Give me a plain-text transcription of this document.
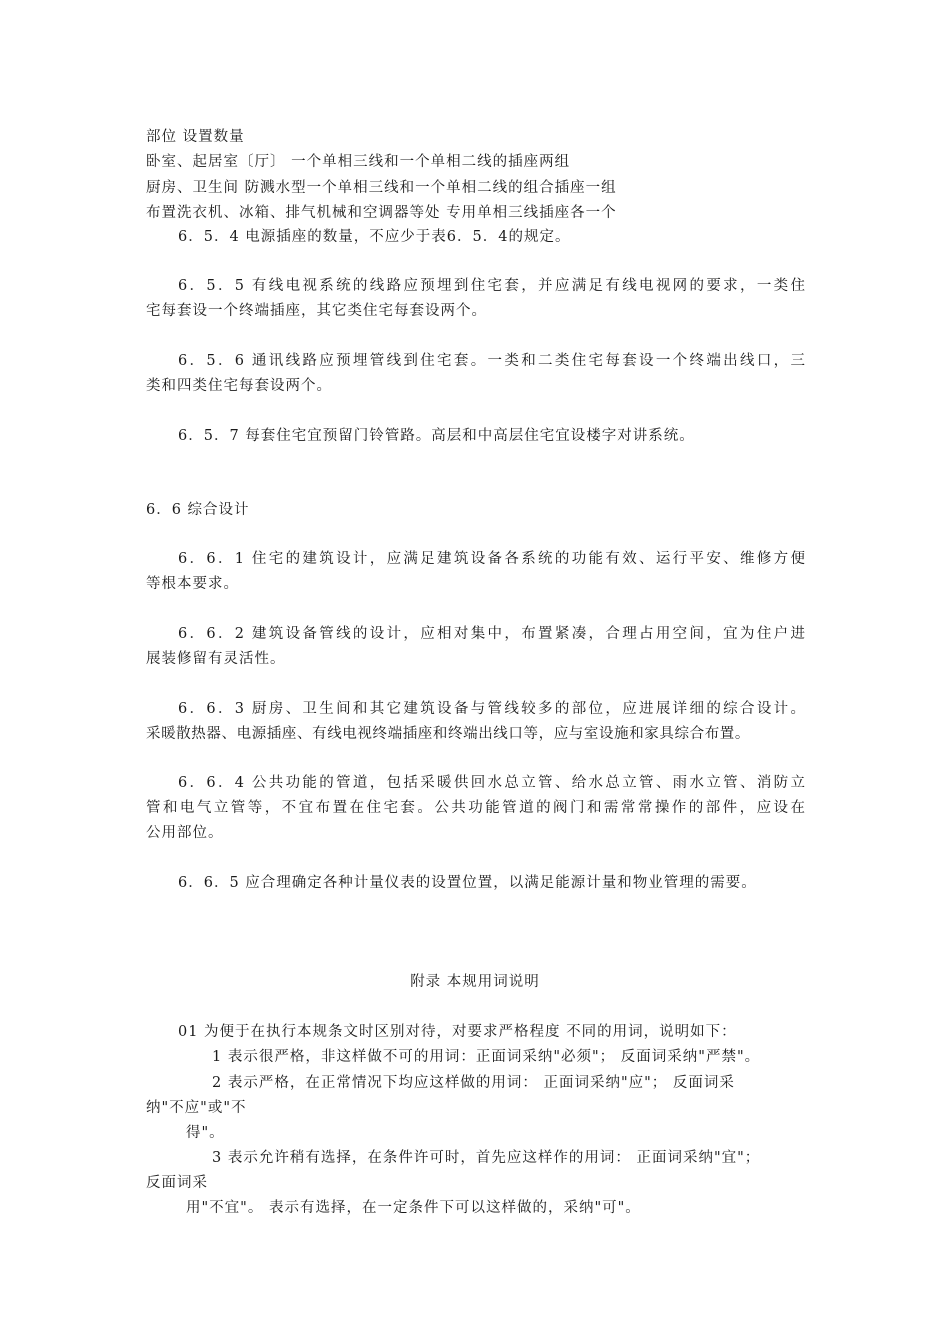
部位 设置数量
卧室、起居室〔厅〕 一个单相三线和一个单相二线的插座两组
厨房、卫生间 防溅水型一个单相三线和一个单相二线的组合插座一组
布置洗衣机、冰箱、排气机械和空调器等处 专用单相三线插座各一个
6．5．4 电源插座的数量，不应少于表6．5．4的规定。
6．5．5 有线电视系统的线路应预埋到住宅套，并应满足有线电视网的要求，一类住
宅每套设一个终端插座，其它类住宅每套设两个。
6．5．6 通讯线路应预埋管线到住宅套。一类和二类住宅每套设一个终端出线口，三
类和四类住宅每套设两个。
6．5．7 每套住宅宜预留门铃管路。高层和中高层住宅宜设楼字对讲系统。
6．6 综合设计
6．6．1 住宅的建筑设计，应满足建筑设备各系统的功能有效、运行平安、维修方便
等根本要求。
6．6．2 建筑设备管线的设计，应相对集中，布置紧凑，合理占用空间，宜为住户进
展装修留有灵活性。
6．6．3 厨房、卫生间和其它建筑设备与管线较多的部位，应进展详细的综合设计。
采暖散热器、电源插座、有线电视终端插座和终端出线口等，应与室设施和家具综合布置。
6．6．4 公共功能的管道，包括采暖供回水总立管、给水总立管、雨水立管、消防立
管和电气立管等，不宜布置在住宅套。公共功能管道的阀门和需常常操作的部件，应设在
公用部位。
6．6．5 应合理确定各种计量仪表的设置位置，以满足能源计量和物业管理的需要。
附录 本规用词说明
01 为便于在执行本规条文时区别对待，对要求严格程度 不同的用词，说明如下：
1 表示很严格，非这样做不可的用词：正面词采纳"必须"； 反面词采纳"严禁"。
2 表示严格，在正常情况下均应这样做的用词： 正面词采纳"应"； 反面词采
纳"不应"或"不
得"。
3 表示允许稍有选择，在条件许可时，首先应这样作的用词： 正面词采纳"宜"；
反面词采
用"不宜"。 表示有选择，在一定条件下可以这样做的，采纳"可"。
